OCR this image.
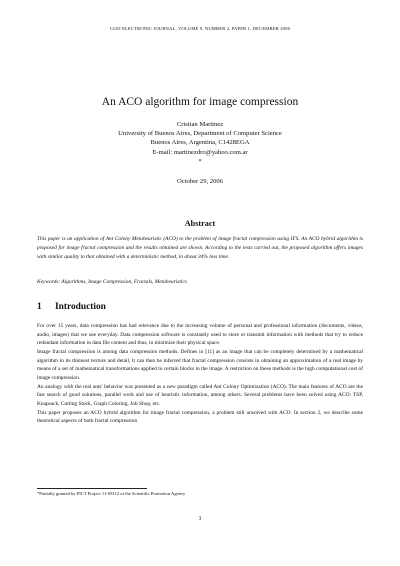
CLEI ELECTRONIC JOURNAL, VOLUME 9, NUMBER 2, PAPER 1, DECEMBER 2006
An ACO algorithm for image compression
Cristian Martinez
University of Buenos Aires, Department of Computer Science
Buenos Aires, Argentina, C1428EGA
E-mail: martinezdro@yahoo.com.ar
*
October 29, 2006
Abstract
This paper is an application of Ant Colony Metaheuristic (ACO) to the problem of image fractal compression using IFS. An ACO hybrid algorithm is proposed for image fractal compression and the results obtained are shown. According to the tests carried out, the proposed algorithm offers images with similar quality to that obtained with a deterministic method, in about 34% less time.
Keywords: Algorithms, Image Compression, Fractals, Metaheuristics
1 Introduction

For over 15 years, data compression has had relevance due to the increasing volume of personal and professional information (documents, videos, audio, images) that we use everyday. Data compression software is constantly used to store or transmit information with methods that try to reduce redundant information in data file content and thus, to minimize their physical space.

Image fractal compression is among data compression methods. Defines in [11] as an image that can be completely determined by a mathematical algorithm in its thinnest texture and detail, it can then be inferred that fractal compression consists in obtaining an approximation of a real image by means of a set of mathematical transformations applied to certain blocks in the image. A restriction on these methods is the high computational cost of image compression.

An analogy with the real ants' behavior was presented as a new paradigm called Ant Colony Optimization (ACO). The main features of ACO are the fast search of good solutions, parallel work and use of heuristic information, among others. Several problems have been solved using ACO: TSP, Knapsack, Cutting Stock, Graph Coloring, Job Shop, etc.

This paper proposes an ACO hybrid algorithm for image fractal compression, a problem still unsolved with ACO. In section 2, we describe some theoretical aspects of both fractal compression

*Partially granted by PICT Project 11-09112 of the Scientific Promotion Agency
1
